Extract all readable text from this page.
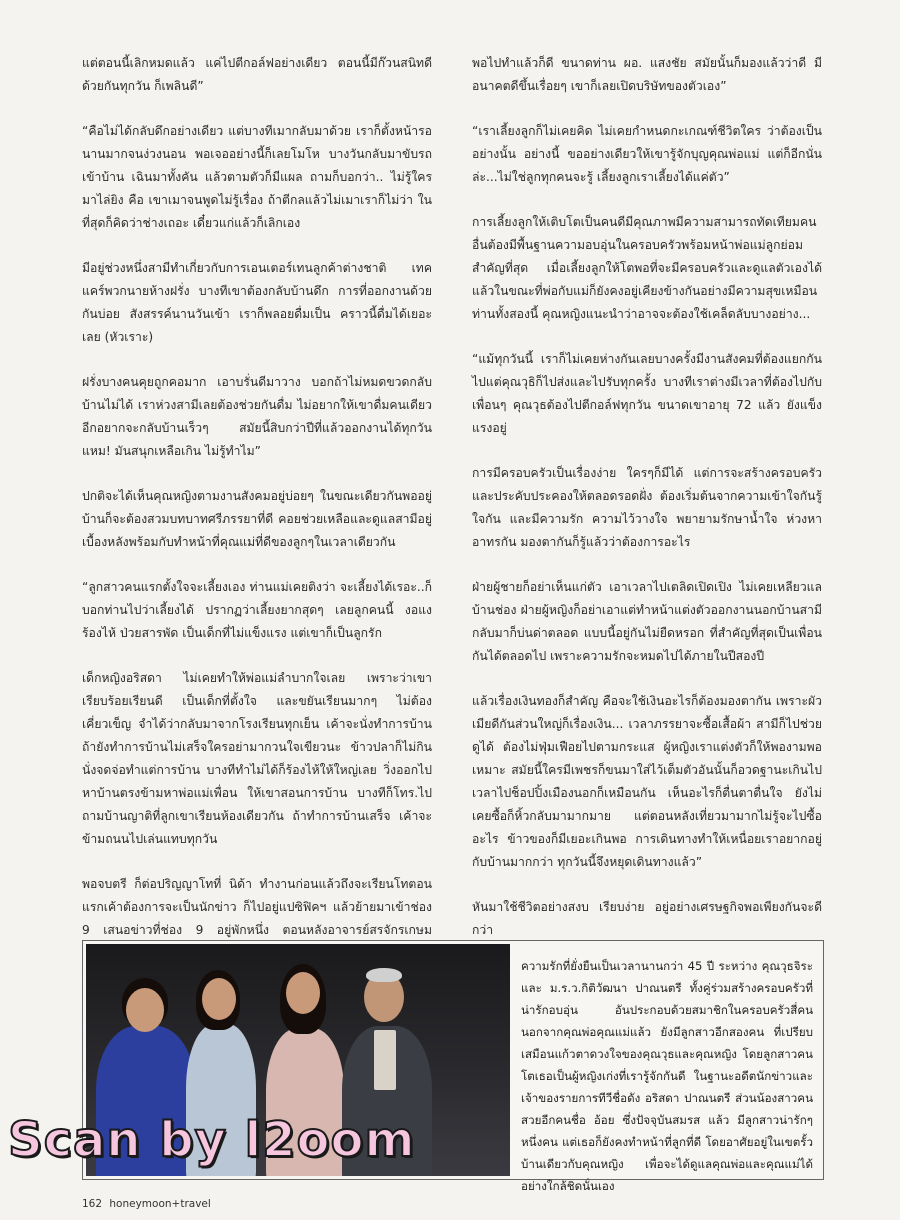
แต่ตอนนี้เลิกหมดแล้ว แค่ไปตีกอล์ฟอย่างเดียว ตอนนี้มีก๊วนสนิทดีด้วยกันทุกวัน ก็เพลินดี”

“คือไม่ได้กลับดึกอย่างเดียว แต่บางทีเมากลับมาด้วย เราก็ตั้งหน้ารอนานมากจนง่วงนอน พอเจออย่างนี้ก็เลยโมโห บางวันกลับมาขับรถเข้าบ้าน เฉินมาทั้งคัน แล้วตามตัวก็มีแผล ถามก็บอกว่า.. ไม่รู้ใครมาไล่ยิง คือ เขาเมาจนพูดไม่รู้เรื่อง ถ้าตีกลแล้วไม่เมาเราก็ไม่ว่า ในที่สุดก็คิดว่าช่างเถอะ เดี๋ยวแก่แล้วก็เลิกเอง

มีอยู่ช่วงหนึ่งสามีทำเกี่ยวกับการเอนเตอร์เทนลูกค้าต่างชาติ เทคแคร์พวกนายห้างฝรั่ง บางทีเขาต้องกลับบ้านดึก การที่ออกงานด้วยกันบ่อย สังสรรค์นานวันเข้า เราก็พลอยดื่มเป็น คราวนี้ดื่มได้เยอะเลย (หัวเราะ)

ฝรั่งบางคนคุยถูกคอมาก เอาบรั่นดีมาวาง บอกถ้าไม่หมดขวดกลับบ้านไม่ได้ เราห่วงสามีเลยต้องช่วยกันดื่ม ไม่อยากให้เขาดื่มคนเดียวอีกอยากจะกลับบ้านเร็วๆ สมัยนี้สิบกว่าปีที่แล้วออกงานได้ทุกวัน แหม! มันสนุกเหลือเกิน ไม่รู้ทำไม”

ปกติจะได้เห็นคุณหญิงตามงานสังคมอยู่บ่อยๆ ในขณะเดียวกันพออยู่บ้านก็จะต้องสวมบทบาทศรีภรรยาที่ดี คอยช่วยเหลือและดูแลสามีอยู่เบื้องหลังพร้อมกับทำหน้าที่คุณแม่ที่ดีของลูกๆในเวลาเดียวกัน

“ลูกสาวคนแรกตั้งใจจะเลี้ยงเอง ท่านแม่เคยติงว่า จะเลี้ยงได้เรอะ..ก็บอกท่านไปว่าเลี้ยงได้ ปรากฏว่าเลี้ยงยากสุดๆ เลยลูกคนนี้ งอแงร้องไห้ ป่วยสารพัด เป็นเด็กที่ไม่แข็งแรง แต่เขาก็เป็นลูกรัก

เด็กหญิงอริสดา ไม่เคยทำให้พ่อแม่ลำบากใจเลย เพราะว่าเขาเรียบร้อยเรียนดี เป็นเด็กที่ตั้งใจ และขยันเรียนมากๆ ไม่ต้องเคี่ยวเข็ญ จำได้ว่ากลับมาจากโรงเรียนทุกเย็น เค้าจะนั่งทำการบ้าน ถ้ายังทำการบ้านไม่เสร็จใครอย่ามากวนใจเขียวนะ ข้าวปลาก็ไม่กิน นั่งจดจ่อทำแต่การบ้าน บางทีทำไม่ได้ก็ร้องไห้ให้ใหญ่เลย วิ่งออกไปหาบ้านตรงข้ามหาพ่อแม่เพื่อน ให้เขาสอนการบ้าน บางทีก็โทร.ไปถามบ้านญาติที่ลูกเขาเรียนห้องเดียวกัน ถ้าทำการบ้านเสร็จ เค้าจะข้ามถนนไปเล่นแทบทุกวัน

พอจบตรี ก็ต่อปริญญาโทที่ นิด้า ทำงานก่อนแล้วถึงจะเรียนโทตอนแรกเค้าต้องการจะเป็นนักข่าว ก็ไปอยู่แปซิฟิคฯ แล้วย้ายมาเข้าช่อง 9 เสนอข่าวที่ช่อง 9 อยู่พักหนึ่ง ตอนหลังอาจารย์สรจักรเกษม

พอไปทำแล้วก็ดี ขนาดท่าน ผอ. แสงชัย สมัยนั้นก็มองแล้วว่าดี มีอนาคตดีขึ้นเรื่อยๆ เขาก็เลยเปิดบริษัทของตัวเอง”

“เราเลี้ยงลูกก็ไม่เคยคิด ไม่เคยกำหนดกะเกณฑ์ชีวิตใคร ว่าต้องเป็นอย่างนั้น อย่างนี้ ขออย่างเดียวให้เขารู้จักบุญคุณพ่อแม่ แต่ก็อีกนั่นล่ะ...ไม่ใช่ลูกทุกคนจะรู้ เลี้ยงลูกเราเลี้ยงได้แค่ตัว”

การเลี้ยงลูกให้เติบโตเป็นคนดีมีคุณภาพมีความสามารถทัดเทียมคนอื่นต้องมีพื้นฐานความอบอุ่นในครอบครัวพร้อมหน้าพ่อแม่ลูกย่อมสำคัญที่สุด เมื่อเลี้ยงลูกให้โตพอที่จะมีครอบครัวและดูแลตัวเองได้แล้วในขณะที่พ่อกับแม่ก็ยังคงอยู่เคียงข้างกันอย่างมีความสุขเหมือนท่านทั้งสองนี้ คุณหญิงแนะนำว่าอาจจะต้องใช้เคล็ดลับบางอย่าง...

“แม้ทุกวันนี้ เราก็ไม่เคยห่างกันเลยบางครั้งมีงานสังคมที่ต้องแยกกันไปแต่คุณวุธิก็ไปส่งและไปรับทุกครั้ง บางทีเราต่างมีเวลาที่ต้องไปกับเพื่อนๆ คุณวุธต้องไปตีกอล์ฟทุกวัน ขนาดเขาอายุ 72 แล้ว ยังแข็งแรงอยู่

การมีครอบครัวเป็นเรื่องง่าย ใครๆก็มีได้ แต่การจะสร้างครอบครัวและประคับประคองให้ตลอดรอดฝั่ง ต้องเริ่มต้นจากความเข้าใจกันรู้ใจกัน และมีความรัก ความไว้วางใจ พยายามรักษาน้ำใจ ห่วงหาอาทรกัน มองตากันก็รู้แล้วว่าต้องการอะไร

ฝ่ายผู้ชายก็อย่าเห็นแก่ตัว เอาเวลาไปเตลิดเปิดเปิง ไม่เคยเหลียวแลบ้านช่อง ฝ่ายผู้หญิงก็อย่าเอาแต่ทำหน้าแต่งตัวออกงานนอกบ้านสามีกลับมาก็บ่นด่าตลอด แบบนี้อยู่กันไม่ยืดหรอก ที่สำคัญที่สุดเป็นเพื่อนกันได้ตลอดไป เพราะความรักจะหมดไปได้ภายในปีสองปี

แล้วเรื่องเงินทองก็สำคัญ คือจะใช้เงินอะไรก็ต้องมองตากัน เพราะผัวเมียดีกันส่วนใหญ่ก็เรื่องเงิน... เวลาภรรยาจะซื้อเสื้อผ้า สามีก็ไปช่วยดูได้ ต้องไม่ฟุ่มเฟือยไปตามกระแส ผู้หญิงเราแต่งตัวก็ให้พองามพอเหมาะ สมัยนี้ใครมีเพชรก็ขนมาใส่ไว้เต็มตัวอันนั้นก็อวดฐานะเกินไป เวลาไปช็อปปิ้งเมืองนอกก็เหมือนกัน เห็นอะไรก็ตื่นตาตื่นใจ ยังไม่เคยซื้อก็หิ้วกลับมามากมาย แต่ตอนหลังเที่ยวมามากไม่รู้จะไปซื้ออะไร ข้าวของก็มีเยอะเกินพอ การเดินทางทำให้เหนื่อยเราอยากอยู่กับบ้านมากกว่า ทุกวันนี้จึงหยุดเดินทางแล้ว”

หันมาใช้ชีวิตอย่างสงบ เรียบง่าย อยู่อย่างเศรษฐกิจพอเพียงกันจะดีกว่า

ความรักที่ยั่งยืนเป็นเวลานานกว่า 45 ปี ระหว่าง คุณวุธจิระ และ ม.ร.ว.กิติวัฒนา ปาณนตรี ทั้งคู่ร่วมสร้างครอบครัวที่น่ารักอบอุ่น อันประกอบด้วยสมาชิกในครอบครัวสี่คน นอกจากคุณพ่อคุณแม่แล้ว ยังมีลูกสาวอีกสองคน ที่เปรียบเสมือนแก้วตาดวงใจของคุณวุธและคุณหญิง โดยลูกสาวคนโตเธอเป็นผู้หญิงเก่งที่เรารู้จักกันดี ในฐานะอดีตนักข่าวและเจ้าของรายการทีวีชื่อดัง อริสดา ปาณนตรี ส่วนน้องสาวคนสวยอีกคนชื่อ อ้อย ซึ่งปัจจุบันสมรส แล้ว มีลูกสาวน่ารักๆ หนึ่งคน แต่เธอก็ยังคงทำหน้าที่ลูกที่ดี โดยอาศัยอยู่ในเขตรั้วบ้านเดียวกับคุณหญิง เพื่อจะได้ดูแลคุณพ่อและคุณแม่ได้อย่างใกล้ชิดนั่นเอง
Scan by l2oom
162 honeymoon+travel
